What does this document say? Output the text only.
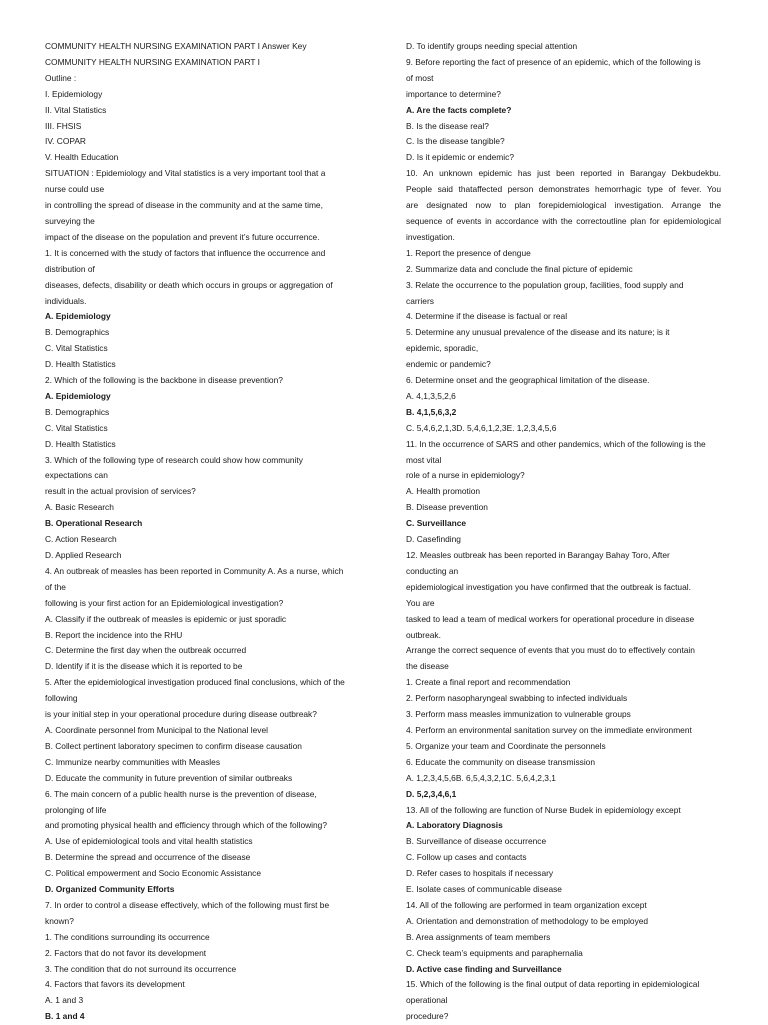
COMMUNITY HEALTH NURSING EXAMINATION PART I Answer Key
COMMUNITY HEALTH NURSING EXAMINATION PART I
Outline :
I. Epidemiology
II. Vital Statistics
III. FHSIS
IV. COPAR
V. Health Education
SITUATION : Epidemiology and Vital statistics is a very important tool that a
nurse could use
in controlling the spread of disease in the community and at the same time,
surveying the
impact of the disease on the population and prevent it’s future occurrence.
1. It is concerned with the study of factors that influence the occurrence and
distribution of
diseases, defects, disability or death which occurs in groups or aggregation of
individuals.
A. Epidemiology
B. Demographics
C. Vital Statistics
D. Health Statistics
2. Which of the following is the backbone in disease prevention?
A. Epidemiology
B. Demographics
C. Vital Statistics
D. Health Statistics
3. Which of the following type of research could show how community
expectations can
result in the actual provision of services?
A. Basic Research
B. Operational Research
C. Action Research
D. Applied Research
4. An outbreak of measles has been reported in Community A. As a nurse, which
of the
following is your first action for an Epidemiological investigation?
A. Classify if the outbreak of measles is epidemic or just sporadic
B. Report the incidence into the RHU
C. Determine the first day when the outbreak occurred
D. Identify if it is the disease which it is reported to be
5. After the epidemiological investigation produced final conclusions, which of the
following
is your initial step in your operational procedure during disease outbreak?
A. Coordinate personnel from Municipal to the National level
B. Collect pertinent laboratory specimen to confirm disease causation
C. Immunize nearby communities with Measles
D. Educate the community in future prevention of similar outbreaks
6. The main concern of a public health nurse is the prevention of disease,
prolonging of life
and promoting physical health and efficiency through which of the following?
A. Use of epidemiological tools and vital health statistics
B. Determine the spread and occurrence of the disease
C. Political empowerment and Socio Economic Assistance
D. Organized Community Efforts
7. In order to control a disease effectively, which of the following must first be
known?
1. The conditions surrounding its occurrence
2. Factors that do not favor its development
3. The condition that do not surround its occurrence
4. Factors that favors its development
A. 1 and 3
B. 1 and 4
D. To identify groups needing special attention
9. Before reporting the fact of presence of an epidemic, which of the following is
of most
importance to determine?
A. Are the facts complete?
B. Is the disease real?
C. Is the disease tangible?
D. Is it epidemic or endemic?
10. An unknown epidemic has just been reported in Barangay Dekbudekbu.
People said thataffected person demonstrates hemorrhagic type of fever. You
are designated now to plan forepidemiological investigation. Arrange the
sequence of events in accordance with the correctoutline plan for epidemiological
investigation.
1. Report the presence of dengue
2. Summarize data and conclude the final picture of epidemic
3. Relate the occurrence to the population group, facilities, food supply and
carriers
4. Determine if the disease is factual or real
5. Determine any unusual prevalence of the disease and its nature; is it
epidemic, sporadic,
endemic or pandemic?
6. Determine onset and the geographical limitation of the disease.
A. 4,1,3,5,2,6
B. 4,1,5,6,3,2
C. 5,4,6,2,1,3D. 5,4,6,1,2,3E. 1,2,3,4,5,6
11. In the occurrence of SARS and other pandemics, which of the following is the
most vital
role of a nurse in epidemiology?
A. Health promotion
B. Disease prevention
C. Surveillance
D. Casefinding
12. Measles outbreak has been reported in Barangay Bahay Toro, After
conducting an
epidemiological investigation you have confirmed that the outbreak is factual.
You are
tasked to lead a team of medical workers for operational procedure in disease
outbreak.
Arrange the correct sequence of events that you must do to effectively contain
the disease
1. Create a final report and recommendation
2. Perform nasopharyngeal swabbing to infected individuals
3. Perform mass measles immunization to vulnerable groups
4. Perform an environmental sanitation survey on the immediate environment
5. Organize your team and Coordinate the personnels
6. Educate the community on disease transmission
A. 1,2,3,4,5,6B. 6,5,4,3,2,1C. 5,6,4,2,3,1
D. 5,2,3,4,6,1
13. All of the following are function of Nurse Budek in epidemiology except
A. Laboratory Diagnosis
B. Surveillance of disease occurrence
C. Follow up cases and contacts
D. Refer cases to hospitals if necessary
E. Isolate cases of communicable disease
14. All of the following are performed in team organization except
A. Orientation and demonstration of methodology to be employed
B. Area assignments of team members
C. Check team’s equipments and paraphernalia
D. Active case finding and Surveillance
15. Which of the following is the final output of data reporting in epidemiological
operational
procedure?
